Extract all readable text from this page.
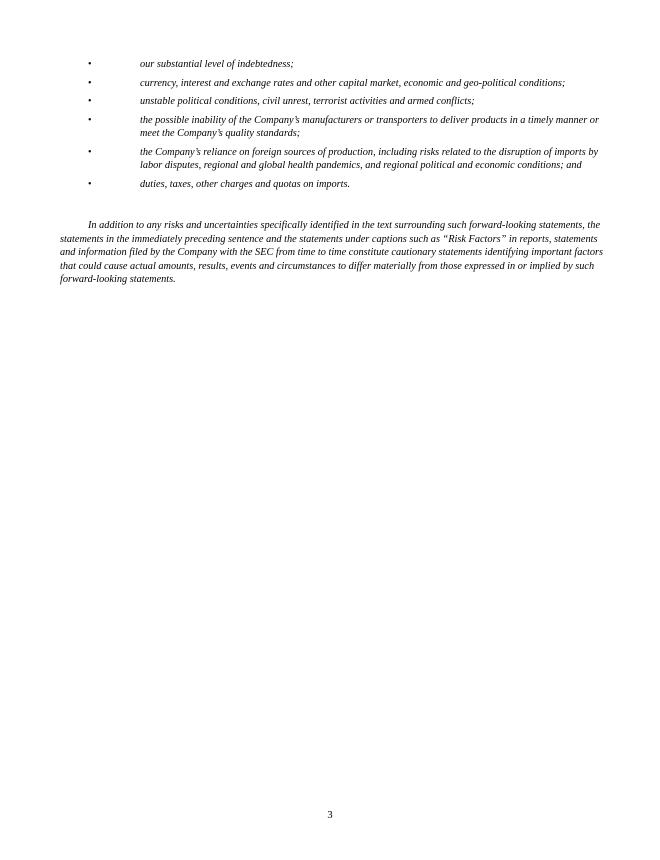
•	our substantial level of indebtedness;
•	currency, interest and exchange rates and other capital market, economic and geo-political conditions;
•	unstable political conditions, civil unrest, terrorist activities and armed conflicts;
•	the possible inability of the Company’s manufacturers or transporters to deliver products in a timely manner or meet the Company’s quality standards;
•	the Company’s reliance on foreign sources of production, including risks related to the disruption of imports by labor disputes, regional and global health pandemics, and regional political and economic conditions; and
•	duties, taxes, other charges and quotas on imports.

In addition to any risks and uncertainties specifically identified in the text surrounding such forward-looking statements, the statements in the immediately preceding sentence and the statements under captions such as “Risk Factors” in reports, statements and information filed by the Company with the SEC from time to time constitute cautionary statements identifying important factors that could cause actual amounts, results, events and circumstances to differ materially from those expressed in or implied by such forward-looking statements.

3
